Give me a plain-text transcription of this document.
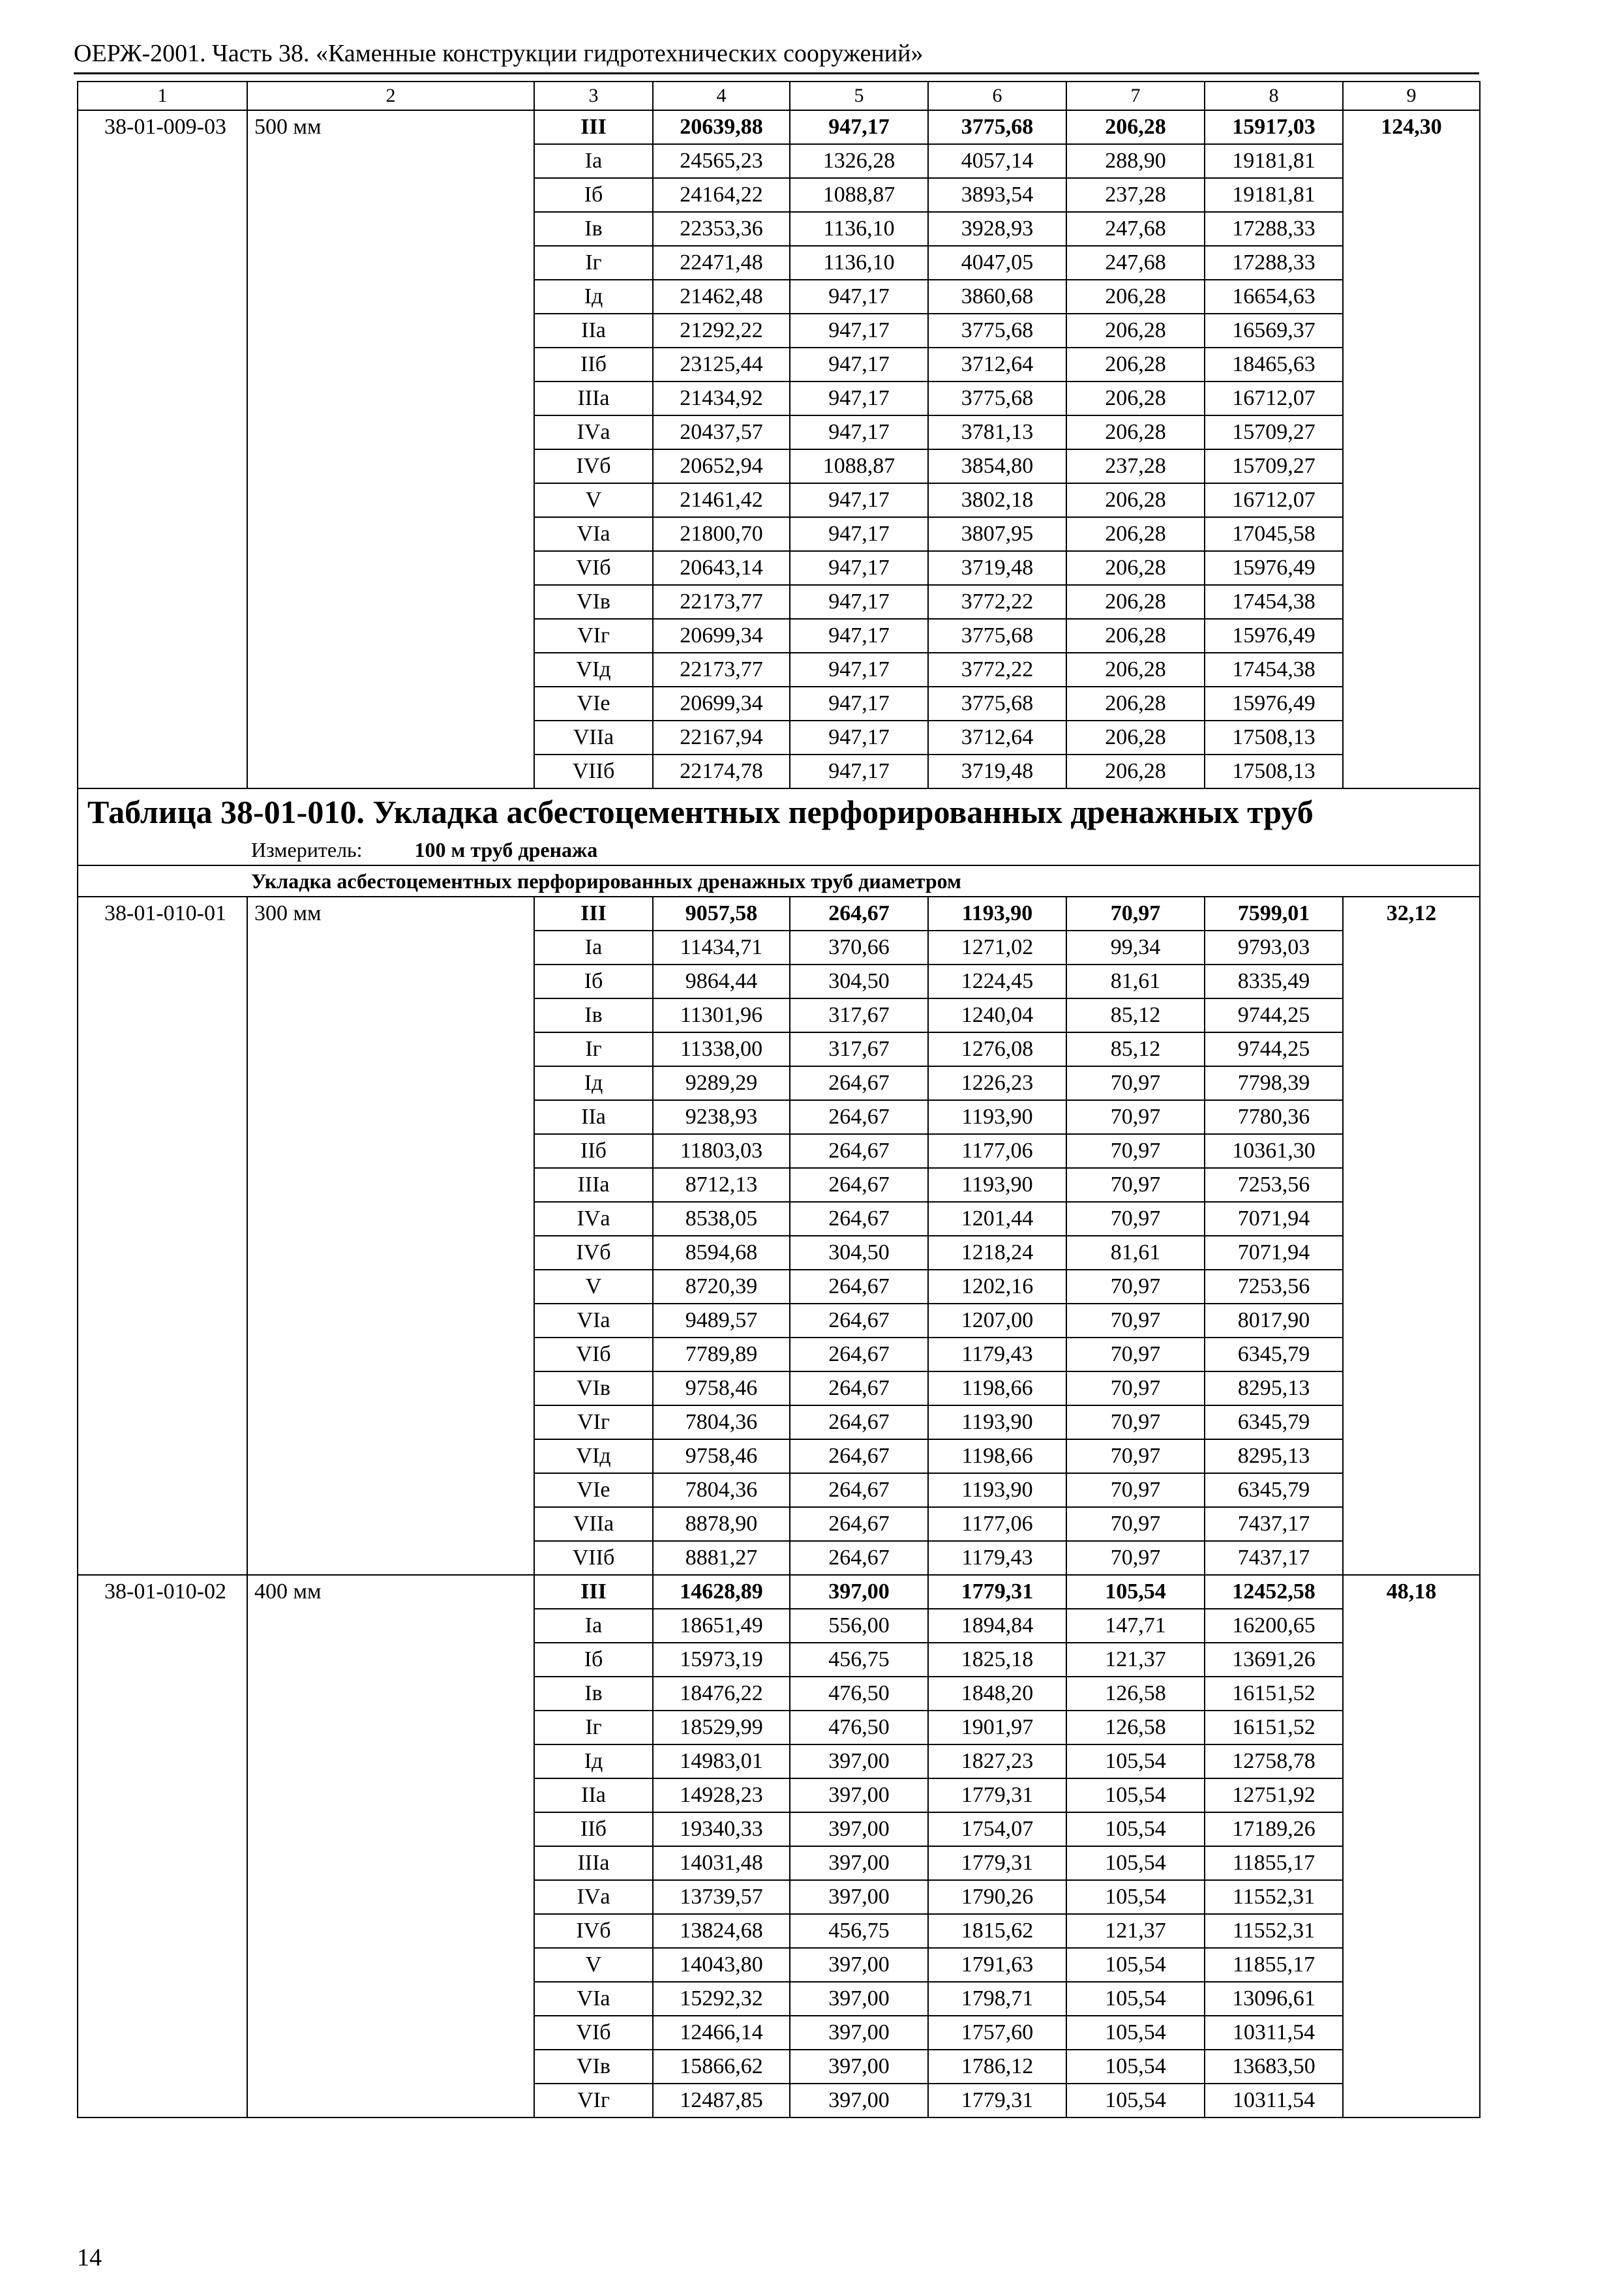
ОЕРЖ-2001. Часть 38. «Каменные конструкции гидротехнических сооружений»
1	2	3	4	5	6	7	8	9
38-01-009-03	500 мм	III	20639,88	947,17	3775,68	206,28	15917,03	124,30
		Ia	24565,23	1326,28	4057,14	288,90	19181,81	
		Iб	24164,22	1088,87	3893,54	237,28	19181,81	
		Iв	22353,36	1136,10	3928,93	247,68	17288,33	
		Iг	22471,48	1136,10	4047,05	247,68	17288,33	
		Iд	21462,48	947,17	3860,68	206,28	16654,63	
		IIа	21292,22	947,17	3775,68	206,28	16569,37	
		IIб	23125,44	947,17	3712,64	206,28	18465,63	
		IIIа	21434,92	947,17	3775,68	206,28	16712,07	
		IVа	20437,57	947,17	3781,13	206,28	15709,27	
		IVб	20652,94	1088,87	3854,80	237,28	15709,27	
		V	21461,42	947,17	3802,18	206,28	16712,07	
		VIа	21800,70	947,17	3807,95	206,28	17045,58	
		VIб	20643,14	947,17	3719,48	206,28	15976,49	
		VIв	22173,77	947,17	3772,22	206,28	17454,38	
		VIг	20699,34	947,17	3775,68	206,28	15976,49	
		VIд	22173,77	947,17	3772,22	206,28	17454,38	
		VIе	20699,34	947,17	3775,68	206,28	15976,49	
		VIIа	22167,94	947,17	3712,64	206,28	17508,13	
		VIIб	22174,78	947,17	3719,48	206,28	17508,13	
Таблица 38-01-010. Укладка асбестоцементных перфорированных дренажных труб								
Измеритель: 100 м труб дренажа								
Укладка асбестоцементных перфорированных дренажных труб диаметром								
38-01-010-01	300 мм	III	9057,58	264,67	1193,90	70,97	7599,01	32,12
		Ia	11434,71	370,66	1271,02	99,34	9793,03	
		Iб	9864,44	304,50	1224,45	81,61	8335,49	
		Iв	11301,96	317,67	1240,04	85,12	9744,25	
		Iг	11338,00	317,67	1276,08	85,12	9744,25	
		Iд	9289,29	264,67	1226,23	70,97	7798,39	
		IIа	9238,93	264,67	1193,90	70,97	7780,36	
		IIб	11803,03	264,67	1177,06	70,97	10361,30	
		IIIа	8712,13	264,67	1193,90	70,97	7253,56	
		IVа	8538,05	264,67	1201,44	70,97	7071,94	
		IVб	8594,68	304,50	1218,24	81,61	7071,94	
		V	8720,39	264,67	1202,16	70,97	7253,56	
		VIа	9489,57	264,67	1207,00	70,97	8017,90	
		VIб	7789,89	264,67	1179,43	70,97	6345,79	
		VIв	9758,46	264,67	1198,66	70,97	8295,13	
		VIг	7804,36	264,67	1193,90	70,97	6345,79	
		VIд	9758,46	264,67	1198,66	70,97	8295,13	
		VIе	7804,36	264,67	1193,90	70,97	6345,79	
		VIIа	8878,90	264,67	1177,06	70,97	7437,17	
		VIIб	8881,27	264,67	1179,43	70,97	7437,17	
38-01-010-02	400 мм	III	14628,89	397,00	1779,31	105,54	12452,58	48,18
		Ia	18651,49	556,00	1894,84	147,71	16200,65	
		Iб	15973,19	456,75	1825,18	121,37	13691,26	
		Iв	18476,22	476,50	1848,20	126,58	16151,52	
		Iг	18529,99	476,50	1901,97	126,58	16151,52	
		Iд	14983,01	397,00	1827,23	105,54	12758,78	
		IIа	14928,23	397,00	1779,31	105,54	12751,92	
		IIб	19340,33	397,00	1754,07	105,54	17189,26	
		IIIа	14031,48	397,00	1779,31	105,54	11855,17	
		IVа	13739,57	397,00	1790,26	105,54	11552,31	
		IVб	13824,68	456,75	1815,62	121,37	11552,31	
		V	14043,80	397,00	1791,63	105,54	11855,17	
		VIа	15292,32	397,00	1798,71	105,54	13096,61	
		VIб	12466,14	397,00	1757,60	105,54	10311,54	
		VIв	15866,62	397,00	1786,12	105,54	13683,50	
		VIг	12487,85	397,00	1779,31	105,54	10311,54	
14
